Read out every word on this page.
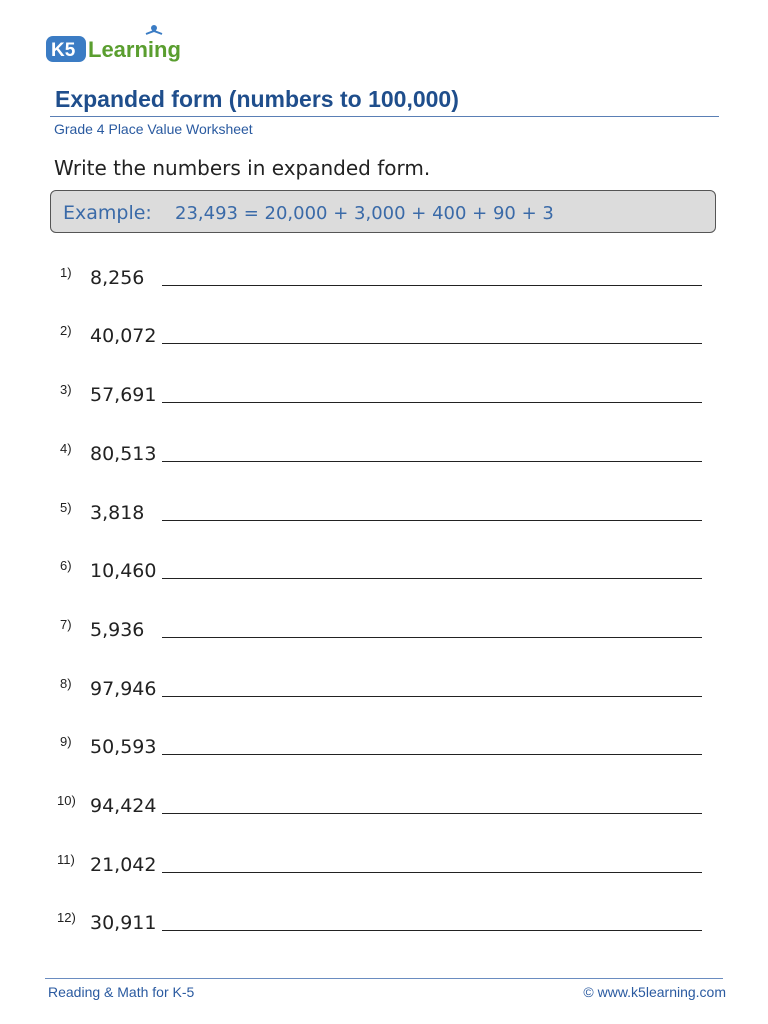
K5 Learning
Expanded form (numbers to 100,000)
Grade 4 Place Value Worksheet
Write the numbers in expanded form.
Example: 23,493 = 20,000 + 3,000 + 400 + 90 + 3
1) 8,256
2) 40,072
3) 57,691
4) 80,513
5) 3,818
6) 10,460
7) 5,936
8) 97,946
9) 50,593
10) 94,424
11) 21,042
12) 30,911
Reading & Math for K-5	© www.k5learning.com
